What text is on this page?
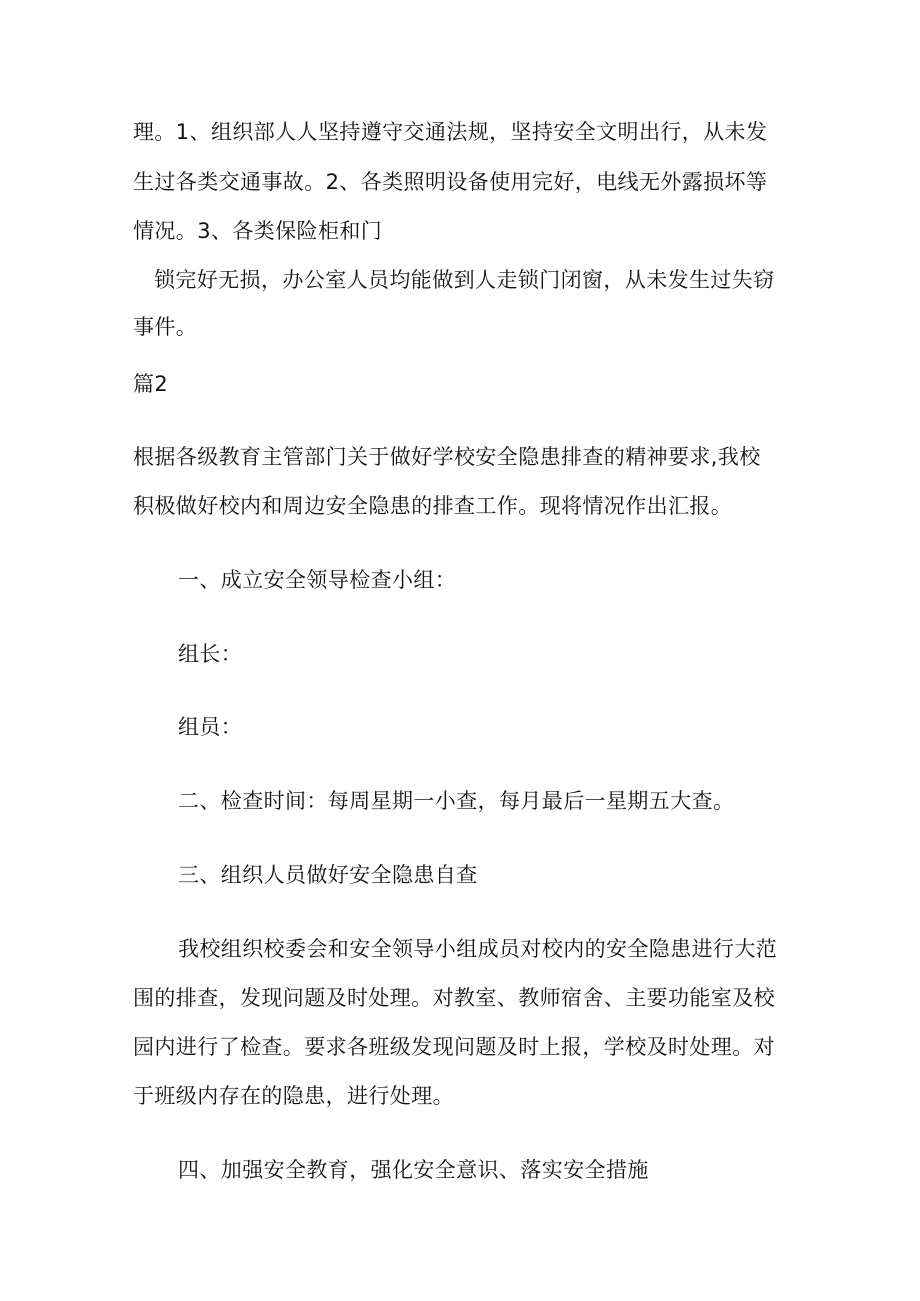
理。1、组织部人人坚持遵守交通法规，坚持安全文明出行，从未发
生过各类交通事故。2、各类照明设备使用完好，电线无外露损坏等
情况。3、各类保险柜和门
锁完好无损，办公室人员均能做到人走锁门闭窗，从未发生过失窃
事件。
篇2
根据各级教育主管部门关于做好学校安全隐患排查的精神要求,我校
积极做好校内和周边安全隐患的排查工作。现将情况作出汇报。
一、成立安全领导检查小组：
组长：
组员：
二、检查时间：每周星期一小查，每月最后一星期五大查。
三、组织人员做好安全隐患自查
我校组织校委会和安全领导小组成员对校内的安全隐患进行大范
围的排查，发现问题及时处理。对教室、教师宿舍、主要功能室及校
园内进行了检查。要求各班级发现问题及时上报，学校及时处理。对
于班级内存在的隐患，进行处理。
四、加强安全教育，强化安全意识、落实安全措施
